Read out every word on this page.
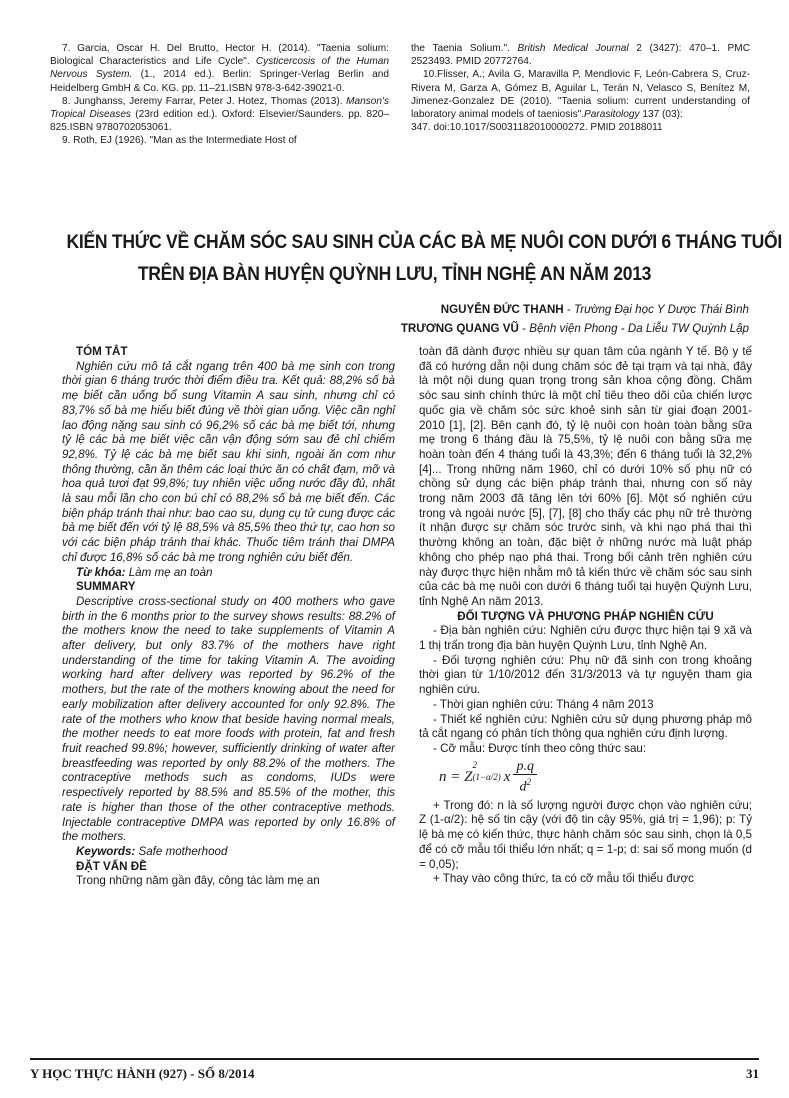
7. Garcia, Oscar H. Del Brutto, Hector H. (2014). "Taenia solium: Biological Characteristics and Life Cycle". Cysticercosis of the Human Nervous System. (1., 2014 ed.). Berlin: Springer-Verlag Berlin and Heidelberg GmbH & Co. KG. pp. 11–21.ISBN 978-3-642-39021-0.

8. Junghanss, Jeremy Farrar, Peter J. Hotez, Thomas (2013). Manson's Tropical Diseases (23rd edition ed.). Oxford: Elsevier/Saunders. pp. 820–825.ISBN 9780702053061.

9. Roth, EJ (1926). "Man as the Intermediate Host of

the Taenia Solium.". British Medical Journal 2 (3427): 470–1. PMC 2523493. PMID 20772764.

10.Flisser, A.; Avila G, Maravilla P, Mendlovic F, León-Cabrera S, Cruz-Rivera M, Garza A, Gómez B, Aguilar L, Terán N, Velasco S, Benítez M, Jimenez-Gonzalez DE (2010). "Taenia solium: current understanding of laboratory animal models of taeniosis".Parasitology 137 (03):

347. doi:10.1017/S0031182010000272. PMID 20188011

KIẾN THỨC VỀ CHĂM SÓC SAU SINH CỦA CÁC BÀ MẸ NUÔI CON DƯỚI 6 THÁNG TUỔI
TRÊN ĐỊA BÀN HUYỆN QUỲNH LƯU, TỈNH NGHỆ AN NĂM 2013
NGUYỄN ĐỨC THANH - Trường Đại học Y Dược Thái Bình
TRƯƠNG QUANG VŨ - Bệnh viện Phong - Da Liễu TW Quỳnh Lập
TÓM TẮT
Nghiên cứu mô tả cắt ngang trên 400 bà mẹ sinh con trong thời gian 6 tháng trước thời điểm điều tra. Kết quả: 88,2% số bà mẹ biết cần uống bổ sung Vitamin A sau sinh, nhưng chỉ có 83,7% số bà mẹ hiểu biết đúng về thời gian uống. Việc cần nghỉ lao động nặng sau sinh có 96,2% số các bà mẹ biết tới, nhưng tỷ lệ các bà mẹ biết việc cần vận động sớm sau đẻ chỉ chiếm 92,8%. Tỷ lệ các bà mẹ biết sau khi sinh, ngoài ăn cơm như thông thường, cần ăn thêm các loại thức ăn có chất đạm, mỡ và hoa quả tươi đạt 99,8%; tuy nhiên việc uống nước đầy đủ, nhất là sau mỗi lần cho con bú chỉ có 88,2% số bà mẹ biết đến. Các biện pháp tránh thai như: bao cao su, dụng cụ tử cung được các bà mẹ biết đến với tỷ lệ 88,5% và 85,5% theo thứ tự, cao hơn so với các biện pháp tránh thai khác. Thuốc tiêm tránh thai DMPA chỉ được 16,8% số các bà mẹ trong nghiên cứu biết đến.
Từ khóa: Làm mẹ an toàn
SUMMARY
Descriptive cross-sectional study on 400 mothers who gave birth in the 6 months prior to the survey shows results: 88.2% of the mothers know the need to take supplements of Vitamin A after delivery, but only 83.7% of the mothers have right understanding of the time for taking Vitamin A. The avoiding working hard after delivery was reported by 96.2% of the mothers, but the rate of the mothers knowing about the need for early mobilization after delivery accounted for only 92.8%. The rate of the mothers who know that beside having normal meals, the mother needs to eat more foods with protein, fat and fresh fruit reached 99.8%; however, sufficiently drinking of water after breastfeeding was reported by only 88.2% of the mothers. The contraceptive methods such as condoms, IUDs were respectively reported by 88.5% and 85.5% of the mother, this rate is higher than those of the other contraceptive methods. Injectable contraceptive DMPA was reported by only 16.8% of the mothers.
Keywords: Safe motherhood
ĐẶT VẤN ĐỀ
Trong những năm gần đây, công tác làm mẹ an
toàn đã dành được nhiều sự quan tâm của ngành Y tế. Bộ y tế đã có hướng dẫn nội dung chăm sóc đẻ tại trạm và tại nhà, đây là một nội dung quan trọng trong sản khoa cộng đồng. Chăm sóc sau sinh chính thức là một chỉ tiêu theo dõi của chiến lược quốc gia về chăm sóc sức khoẻ sinh sản từ giai đoạn 2001- 2010 [1], [2]. Bên cạnh đó, tỷ lệ nuôi con hoàn toàn bằng sữa mẹ trong 6 tháng đầu là 75,5%, tỷ lệ nuôi con bằng sữa mẹ hoàn toàn đến 4 tháng tuổi là 43,3%; đến 6 tháng tuổi là 32,2% [4]... Trong những năm 1960, chỉ có dưới 10% số phụ nữ có chồng sử dụng các biện pháp tránh thai, nhưng con số này trong năm 2003 đã tăng lên tới 60% [6]. Một số nghiên cứu trong và ngoài nước [5], [7], [8] cho thấy các phụ nữ trẻ thường ít nhận được sự chăm sóc trước sinh, và khi nạo phá thai thì thường không an toàn, đặc biệt ở những nước mà luật pháp không cho phép nạo phá thai. Trong bối cảnh trên nghiên cứu này được thực hiện nhằm mô tả kiến thức về chăm sóc sau sinh của các bà mẹ nuôi con dưới 6 tháng tuổi tại huyện Quỳnh Lưu, tỉnh Nghệ An năm 2013.
ĐỐI TƯỢNG VÀ PHƯƠNG PHÁP NGHIÊN CỨU
- Địa bàn nghiên cứu: Nghiên cứu được thực hiện tại 9 xã và 1 thị trấn trong địa bàn huyện Quỳnh Lưu, tỉnh Nghệ An.
- Đối tượng nghiên cứu: Phụ nữ đã sinh con trong khoảng thời gian từ 1/10/2012 đến 31/3/2013 và tự nguyện tham gia nghiên cứu.
- Thời gian nghiên cứu: Tháng 4 năm 2013
- Thiết kế nghiên cứu: Nghiên cứu sử dụng phương pháp mô tả cắt ngang có phân tích thông qua nghiên cứu định lượng.
- Cỡ mẫu: Được tính theo công thức sau:
n = Z
2
(1−α/2) x $\frac{p.q}{d^2}$
+ Trong đó: n là số lượng người được chọn vào nghiên cứu; Z (1-α/2): hệ số tin cậy (với độ tin cậy 95%, giá trị = 1,96); p: Tỷ lệ bà mẹ có kiến thức, thực hành chăm sóc sau sinh, chọn là 0,5 để có cỡ mẫu tối thiểu lớn nhất; q = 1-p; d: sai số mong muốn (d = 0,05);
+ Thay vào công thức, ta có cỡ mẫu tối thiểu được
Y HỌC THỰC HÀNH (927) - SỐ 8/2014	31
